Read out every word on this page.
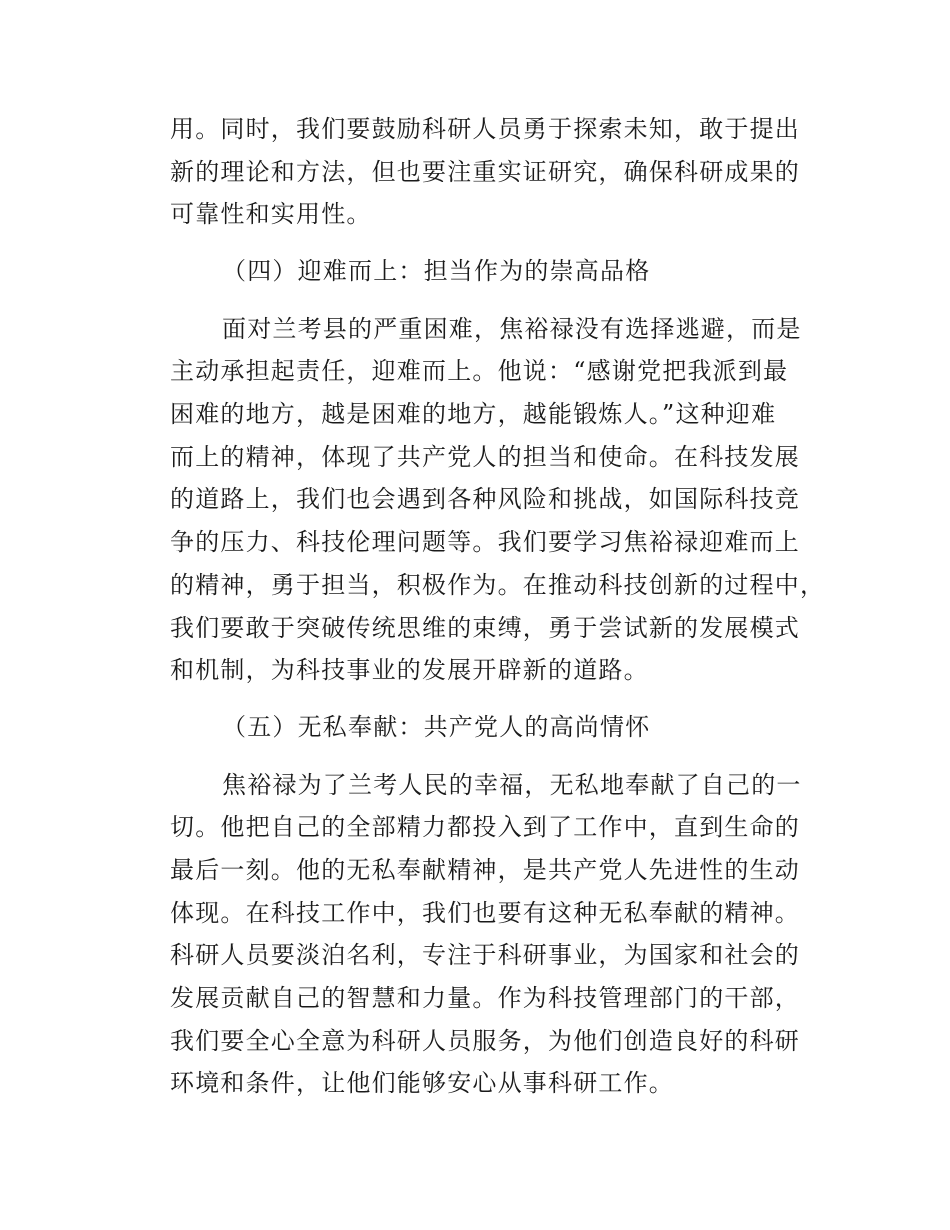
用。同时，我们要鼓励科研人员勇于探索未知，敢于提出
新的理论和方法，但也要注重实证研究，确保科研成果的
可靠性和实用性。
（四）迎难而上：担当作为的崇高品格
面对兰考县的严重困难，焦裕禄没有选择逃避，而是
主动承担起责任，迎难而上。他说：“感谢党把我派到最
困难的地方，越是困难的地方，越能锻炼人。”这种迎难
而上的精神，体现了共产党人的担当和使命。在科技发展
的道路上，我们也会遇到各种风险和挑战，如国际科技竞
争的压力、科技伦理问题等。我们要学习焦裕禄迎难而上
的精神，勇于担当，积极作为。在推动科技创新的过程中，
我们要敢于突破传统思维的束缚，勇于尝试新的发展模式
和机制，为科技事业的发展开辟新的道路。
（五）无私奉献：共产党人的高尚情怀
焦裕禄为了兰考人民的幸福，无私地奉献了自己的一
切。他把自己的全部精力都投入到了工作中，直到生命的
最后一刻。他的无私奉献精神，是共产党人先进性的生动
体现。在科技工作中，我们也要有这种无私奉献的精神。
科研人员要淡泊名利，专注于科研事业，为国家和社会的
发展贡献自己的智慧和力量。作为科技管理部门的干部，
我们要全心全意为科研人员服务，为他们创造良好的科研
环境和条件，让他们能够安心从事科研工作。
